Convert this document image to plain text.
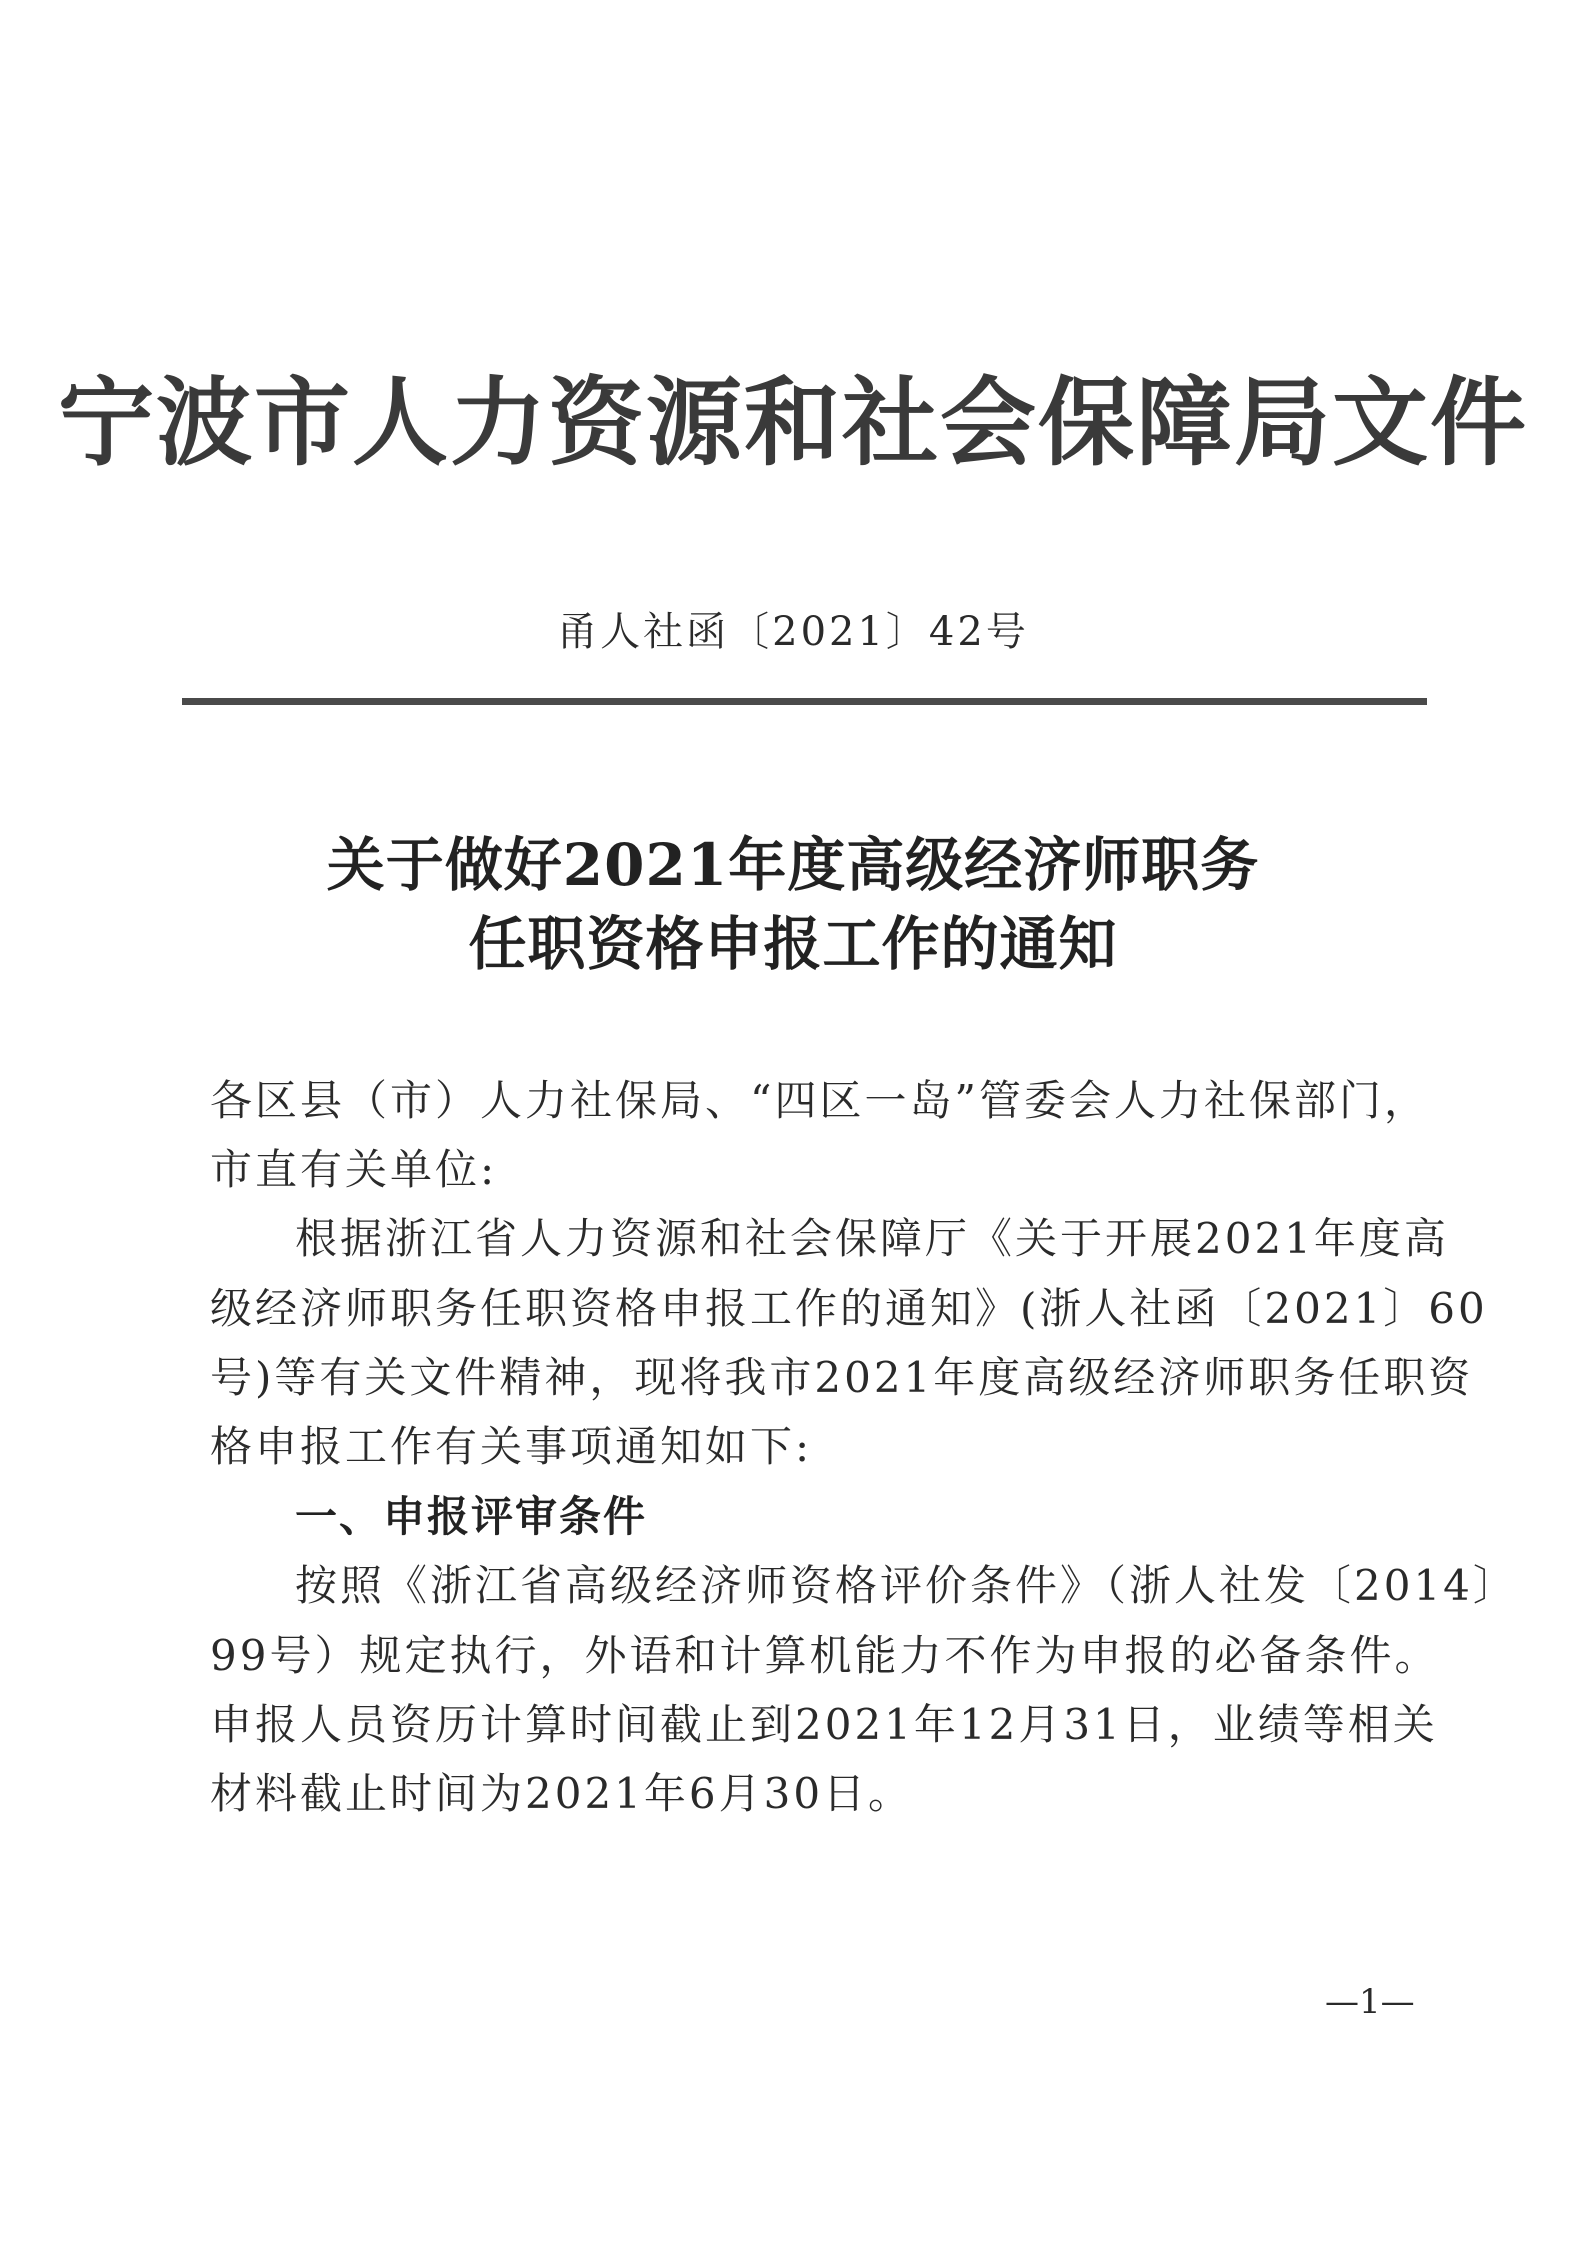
宁波市人力资源和社会保障局文件
甬人社函〔2021〕42号
关于做好2021年度高级经济师职务
任职资格申报工作的通知
各区县（市）人力社保局、“四区一岛”管委会人力社保部门，
市直有关单位:
根据浙江省人力资源和社会保障厅《关于开展2021年度高
级经济师职务任职资格申报工作的通知》(浙人社函〔2021〕60
号)等有关文件精神，现将我市2021年度高级经济师职务任职资
格申报工作有关事项通知如下:
一、申报评审条件
按照《浙江省高级经济师资格评价条件》（浙人社发〔2014〕
99号）规定执行，外语和计算机能力不作为申报的必备条件。
申报人员资历计算时间截止到2021年12月31日，业绩等相关
材料截止时间为2021年6月30日。
—1—
